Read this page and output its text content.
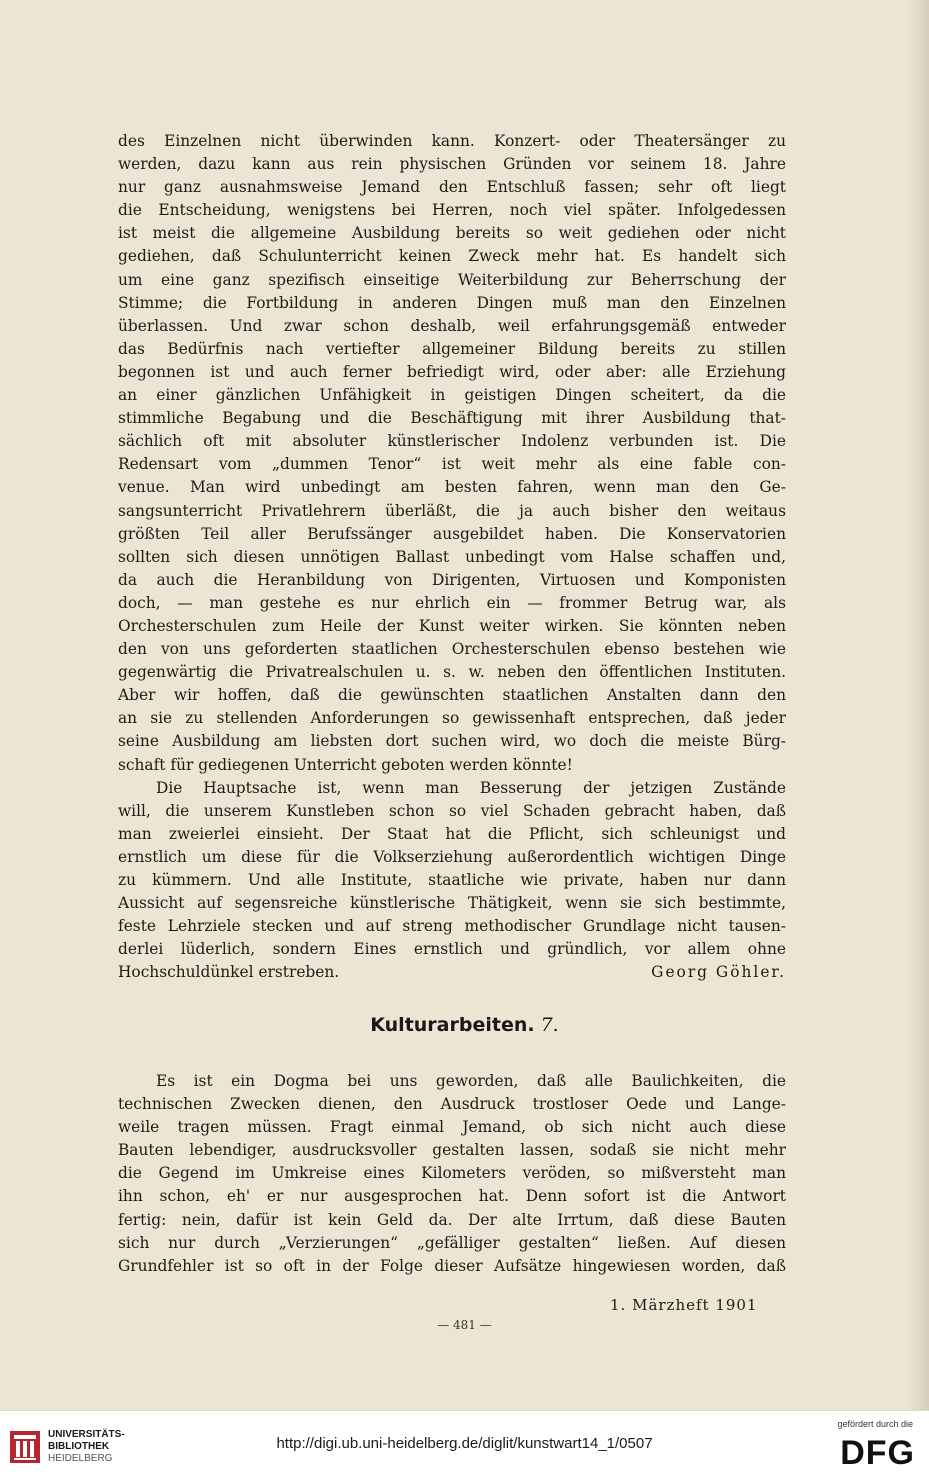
des Einzelnen nicht überwinden kann. Konzert- oder Theatersänger zu
werden, dazu kann aus rein physischen Gründen vor seinem 18. Jahre
nur ganz ausnahmsweise Jemand den Entschluß fassen; sehr oft liegt
die Entscheidung, wenigstens bei Herren, noch viel später. Infolgedessen
ist meist die allgemeine Ausbildung bereits so weit gediehen oder nicht
gediehen, daß Schulunterricht keinen Zweck mehr hat. Es handelt sich
um eine ganz spezifisch einseitige Weiterbildung zur Beherrschung der
Stimme; die Fortbildung in anderen Dingen muß man den Einzelnen
überlassen. Und zwar schon deshalb, weil erfahrungsgemäß entweder
das Bedürfnis nach vertiefter allgemeiner Bildung bereits zu stillen
begonnen ist und auch ferner befriedigt wird, oder aber: alle Erziehung
an einer gänzlichen Unfähigkeit in geistigen Dingen scheitert, da die
stimmliche Begabung und die Beschäftigung mit ihrer Ausbildung that-
sächlich oft mit absoluter künstlerischer Indolenz verbunden ist. Die
Redensart vom „dummen Tenor“ ist weit mehr als eine fable con-
venue. Man wird unbedingt am besten fahren, wenn man den Ge-
sangsunterricht Privatlehrern überläßt, die ja auch bisher den weitaus
größten Teil aller Berufssänger ausgebildet haben. Die Konservatorien
sollten sich diesen unnötigen Ballast unbedingt vom Halse schaffen und,
da auch die Heranbildung von Dirigenten, Virtuosen und Komponisten
doch, — man gestehe es nur ehrlich ein — frommer Betrug war, als
Orchesterschulen zum Heile der Kunst weiter wirken. Sie könnten neben
den von uns geforderten staatlichen Orchesterschulen ebenso bestehen wie
gegenwärtig die Privatrealschulen u. s. w. neben den öffentlichen Instituten.
Aber wir hoffen, daß die gewünschten staatlichen Anstalten dann den
an sie zu stellenden Anforderungen so gewissenhaft entsprechen, daß jeder
seine Ausbildung am liebsten dort suchen wird, wo doch die meiste Bürg-
schaft für gediegenen Unterricht geboten werden könnte!
Die Hauptsache ist, wenn man Besserung der jetzigen Zustände
will, die unserem Kunstleben schon so viel Schaden gebracht haben, daß
man zweierlei einsieht. Der Staat hat die Pflicht, sich schleunigst und
ernstlich um diese für die Volkserziehung außerordentlich wichtigen Dinge
zu kümmern. Und alle Institute, staatliche wie private, haben nur dann
Aussicht auf segensreiche künstlerische Thätigkeit, wenn sie sich bestimmte,
feste Lehrziele stecken und auf streng methodischer Grundlage nicht tausen-
derlei lüderlich, sondern Eines ernstlich und gründlich, vor allem ohne
Hochschuldünkel erstreben.	Georg Göhler.
Kulturarbeiten. 7.
Es ist ein Dogma bei uns geworden, daß alle Baulichkeiten, die
technischen Zwecken dienen, den Ausdruck trostloser Oede und Lange-
weile tragen müssen. Fragt einmal Jemand, ob sich nicht auch diese
Bauten lebendiger, ausdrucksvoller gestalten lassen, sodaß sie nicht mehr
die Gegend im Umkreise eines Kilometers veröden, so mißversteht man
ihn schon, eh' er nur ausgesprochen hat. Denn sofort ist die Antwort
fertig: nein, dafür ist kein Geld da. Der alte Irrtum, daß diese Bauten
sich nur durch „Verzierungen“ „gefälliger gestalten“ ließen. Auf diesen
Grundfehler ist so oft in der Folge dieser Aufsätze hingewiesen worden, daß
1. Märzheft 1901
— 481 —
UNIVERSITÄTS-
BIBLIOTHEK
HEIDELBERG
http://digi.ub.uni-heidelberg.de/diglit/kunstwart14_1/0507
gefördert durch die
DFG
